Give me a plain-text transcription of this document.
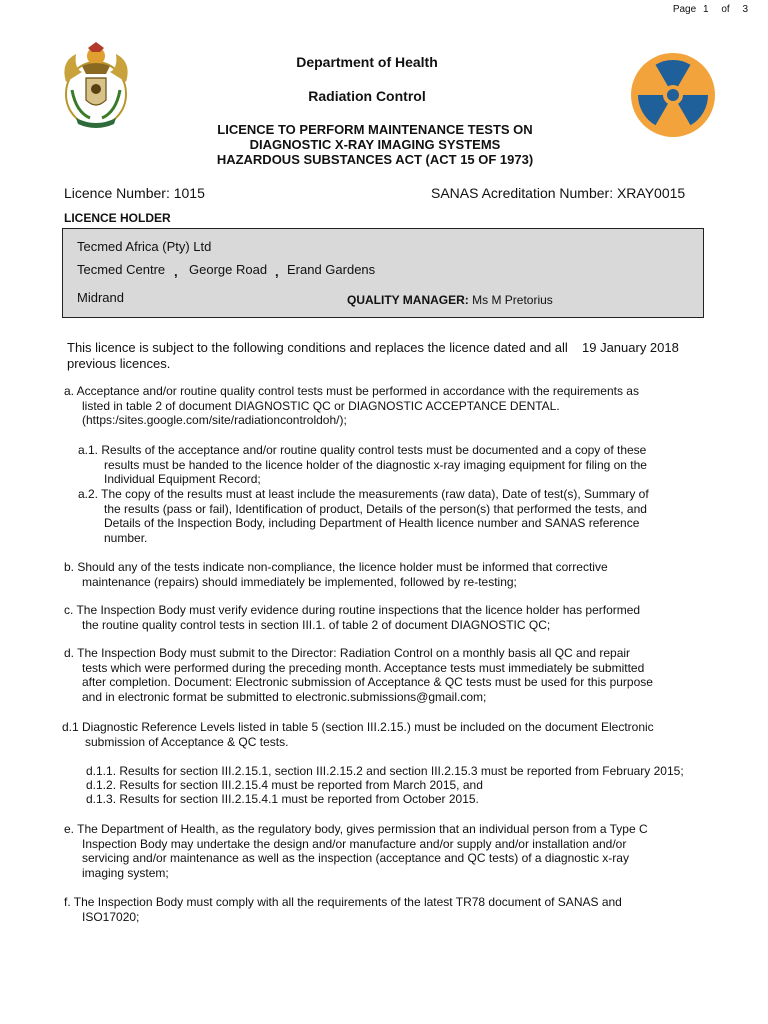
Page 1 of 3
Department of Health
Radiation Control
LICENCE TO PERFORM MAINTENANCE TESTS ON
DIAGNOSTIC X-RAY IMAGING SYSTEMS
HAZARDOUS SUBSTANCES ACT (ACT 15 OF 1973)
Licence Number: 1015	SANAS Acreditation Number: XRAY0015
LICENCE HOLDER
Tecmed Africa (Pty) Ltd
Tecmed Centre , George Road , Erand Gardens
Midrand	QUALITY MANAGER: Ms M Pretorius
This licence is subject to the following conditions and replaces the licence dated and all previous licences.
19 January 2018
a. Acceptance and/or routine quality control tests must be performed in accordance with the requirements as
listed in table 2 of document DIAGNOSTIC QC or DIAGNOSTIC ACCEPTANCE DENTAL.
(https:/sites.google.com/site/radiationcontroldoh/);
a.1. Results of the acceptance and/or routine quality control tests must be documented and a copy of these
results must be handed to the licence holder of the diagnostic x-ray imaging equipment for filing on the
Individual Equipment Record;
a.2. The copy of the results must at least include the measurements (raw data), Date of test(s), Summary of
the results (pass or fail), Identification of product, Details of the person(s) that performed the tests, and
Details of the Inspection Body, including Department of Health licence number and SANAS reference
number.
b. Should any of the tests indicate non-compliance, the licence holder must be informed that corrective
maintenance (repairs) should immediately be implemented, followed by re-testing;
c. The Inspection Body must verify evidence during routine inspections that the licence holder has performed
the routine quality control tests in section III.1. of table 2 of document DIAGNOSTIC QC;
d. The Inspection Body must submit to the Director: Radiation Control on a monthly basis all QC and repair
tests which were performed during the preceding month. Acceptance tests must immediately be submitted
after completion. Document: Electronic submission of Acceptance & QC tests must be used for this purpose
and in electronic format be submitted to electronic.submissions@gmail.com;
d.1 Diagnostic Reference Levels listed in table 5 (section III.2.15.) must be included on the document Electronic
submission of Acceptance & QC tests.
d.1.1. Results for section III.2.15.1, section III.2.15.2 and section III.2.15.3 must be reported from February 2015;
d.1.2. Results for section III.2.15.4 must be reported from March 2015, and
d.1.3. Results for section III.2.15.4.1 must be reported from October 2015.
e. The Department of Health, as the regulatory body, gives permission that an individual person from a Type C
Inspection Body may undertake the design and/or manufacture and/or supply and/or installation and/or
servicing and/or maintenance as well as the inspection (acceptance and QC tests) of a diagnostic x-ray
imaging system;
f. The Inspection Body must comply with all the requirements of the latest TR78 document of SANAS and
ISO17020;
